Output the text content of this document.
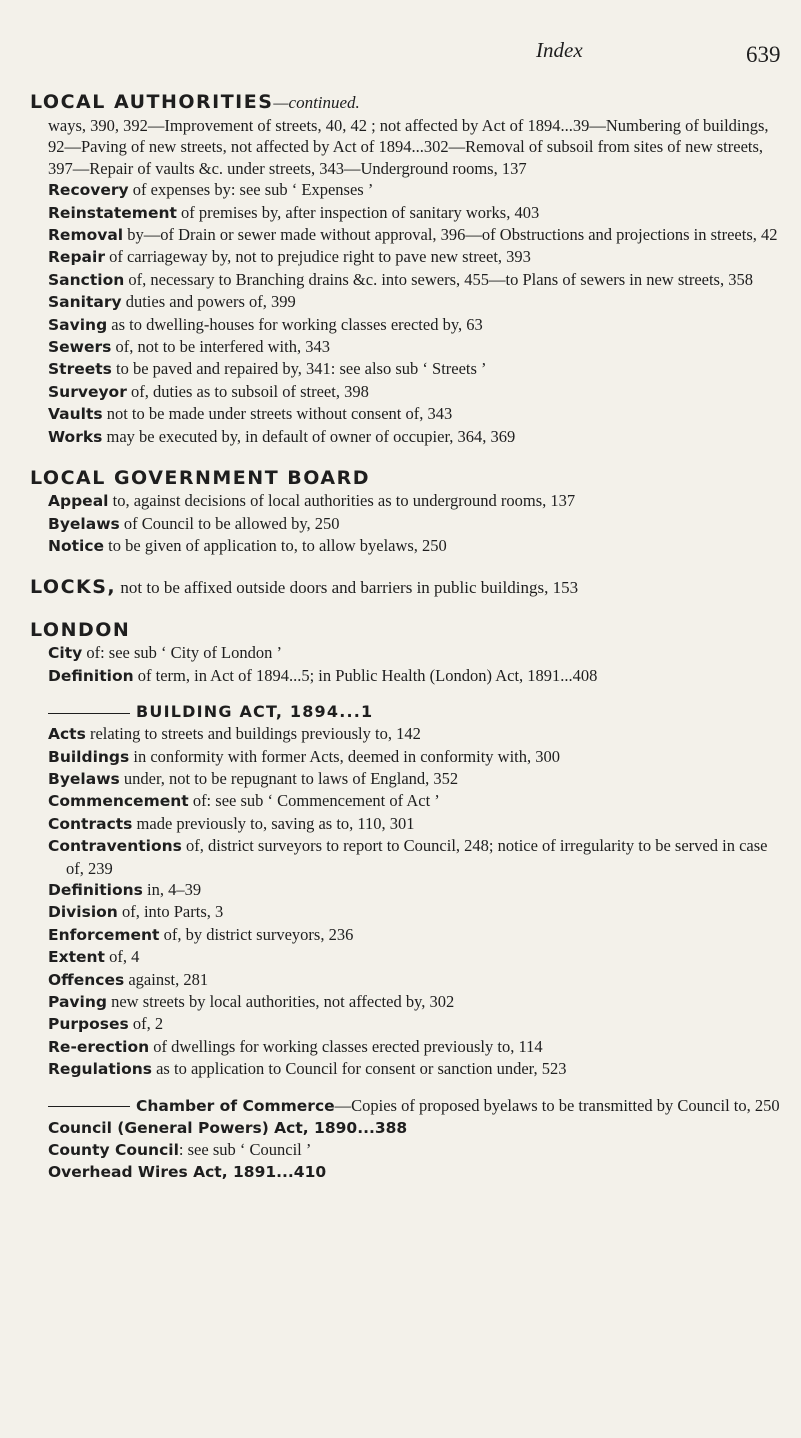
Index	639
LOCAL AUTHORITIES—continued.
ways, 390, 392—Improvement of streets, 40, 42 ; not affected by Act of 1894...39—Numbering of buildings, 92—Paving of new streets, not affected by Act of 1894...302—Removal of subsoil from sites of new streets, 397—Repair of vaults &c. under streets, 343—Underground rooms, 137
Recovery of expenses by: see sub ‘ Expenses ’
Reinstatement of premises by, after inspection of sanitary works, 403
Removal by—of Drain or sewer made without approval, 396—of Obstructions and projections in streets, 42
Repair of carriageway by, not to prejudice right to pave new street, 393
Sanction of, necessary to Branching drains &c. into sewers, 455—to Plans of sewers in new streets, 358
Sanitary duties and powers of, 399
Saving as to dwelling-houses for working classes erected by, 63
Sewers of, not to be interfered with, 343
Streets to be paved and repaired by, 341: see also sub ‘ Streets ’
Surveyor of, duties as to subsoil of street, 398
Vaults not to be made under streets without consent of, 343
Works may be executed by, in default of owner of occupier, 364, 369
LOCAL GOVERNMENT BOARD
Appeal to, against decisions of local authorities as to underground rooms, 137
Byelaws of Council to be allowed by, 250
Notice to be given of application to, to allow byelaws, 250
LOCKS, not to be affixed outside doors and barriers in public buildings, 153
LONDON
City of: see sub ‘ City of London ’
Definition of term, in Act of 1894...5; in Public Health (London) Act, 1891...408
BUILDING ACT, 1894...1
Acts relating to streets and buildings previously to, 142
Buildings in conformity with former Acts, deemed in conformity with, 300
Byelaws under, not to be repugnant to laws of England, 352
Commencement of: see sub ‘ Commencement of Act ’
Contracts made previously to, saving as to, 110, 301
Contraventions of, district surveyors to report to Council, 248; notice of irregularity to be served in case of, 239
Definitions in, 4–39
Division of, into Parts, 3
Enforcement of, by district surveyors, 236
Extent of, 4
Offences against, 281
Paving new streets by local authorities, not affected by, 302
Purposes of, 2
Re-erection of dwellings for working classes erected previously to, 114
Regulations as to application to Council for consent or sanction under, 523
Chamber of Commerce—Copies of proposed byelaws to be transmitted by Council to, 250
Council (General Powers) Act, 1890...388
County Council: see sub ‘ Council ’
Overhead Wires Act, 1891...410
